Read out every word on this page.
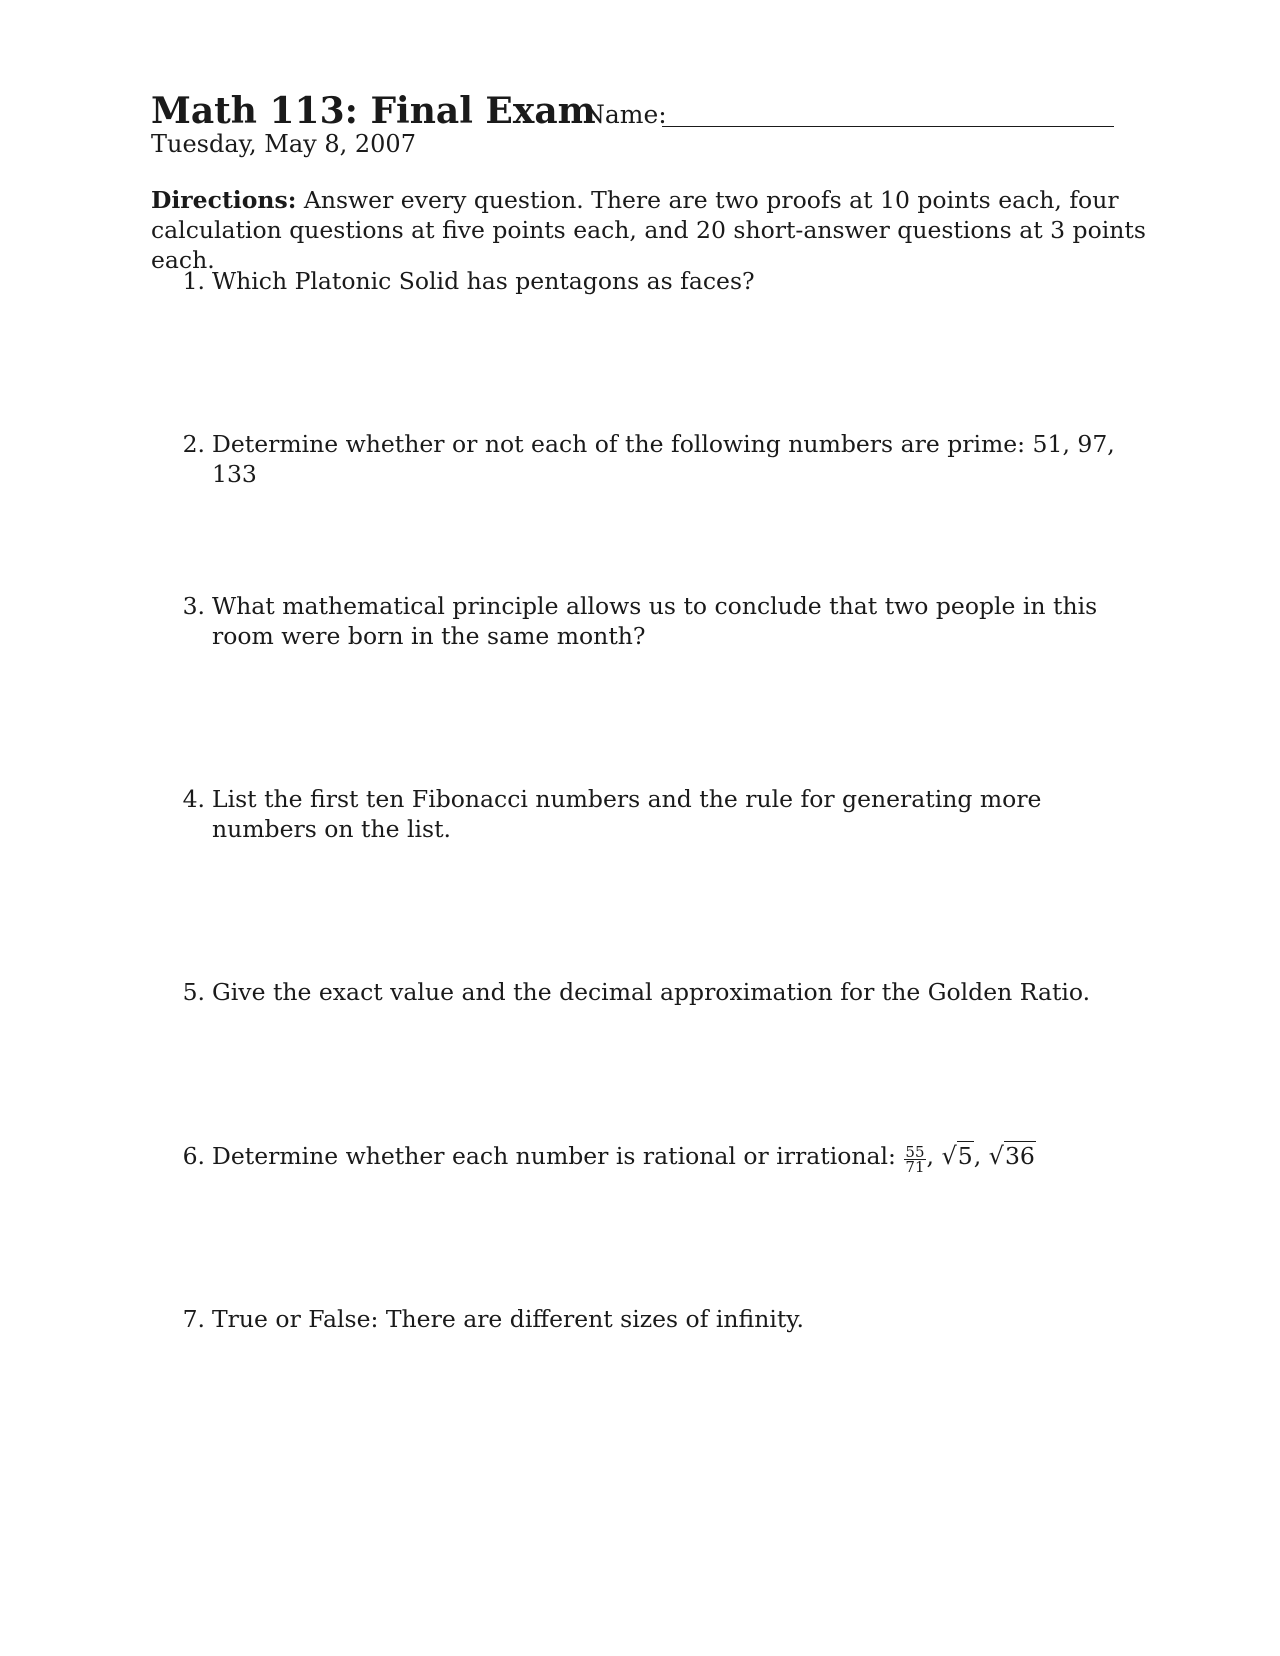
Math 113: Final Exam
Tuesday, May 8, 2007
Name:
Directions: Answer every question. There are two proofs at 10 points each, four calculation questions at five points each, and 20 short-answer questions at 3 points each.
1. Which Platonic Solid has pentagons as faces?
2. Determine whether or not each of the following numbers are prime: 51, 97, 133
3. What mathematical principle allows us to conclude that two people in this room were born in the same month?
4. List the first ten Fibonacci numbers and the rule for generating more numbers on the list.
5. Give the exact value and the decimal approximation for the Golden Ratio.
6. Determine whether each number is rational or irrational: $\frac{55}{71}$ , √5, √36
7. True or False: There are different sizes of infinity.
